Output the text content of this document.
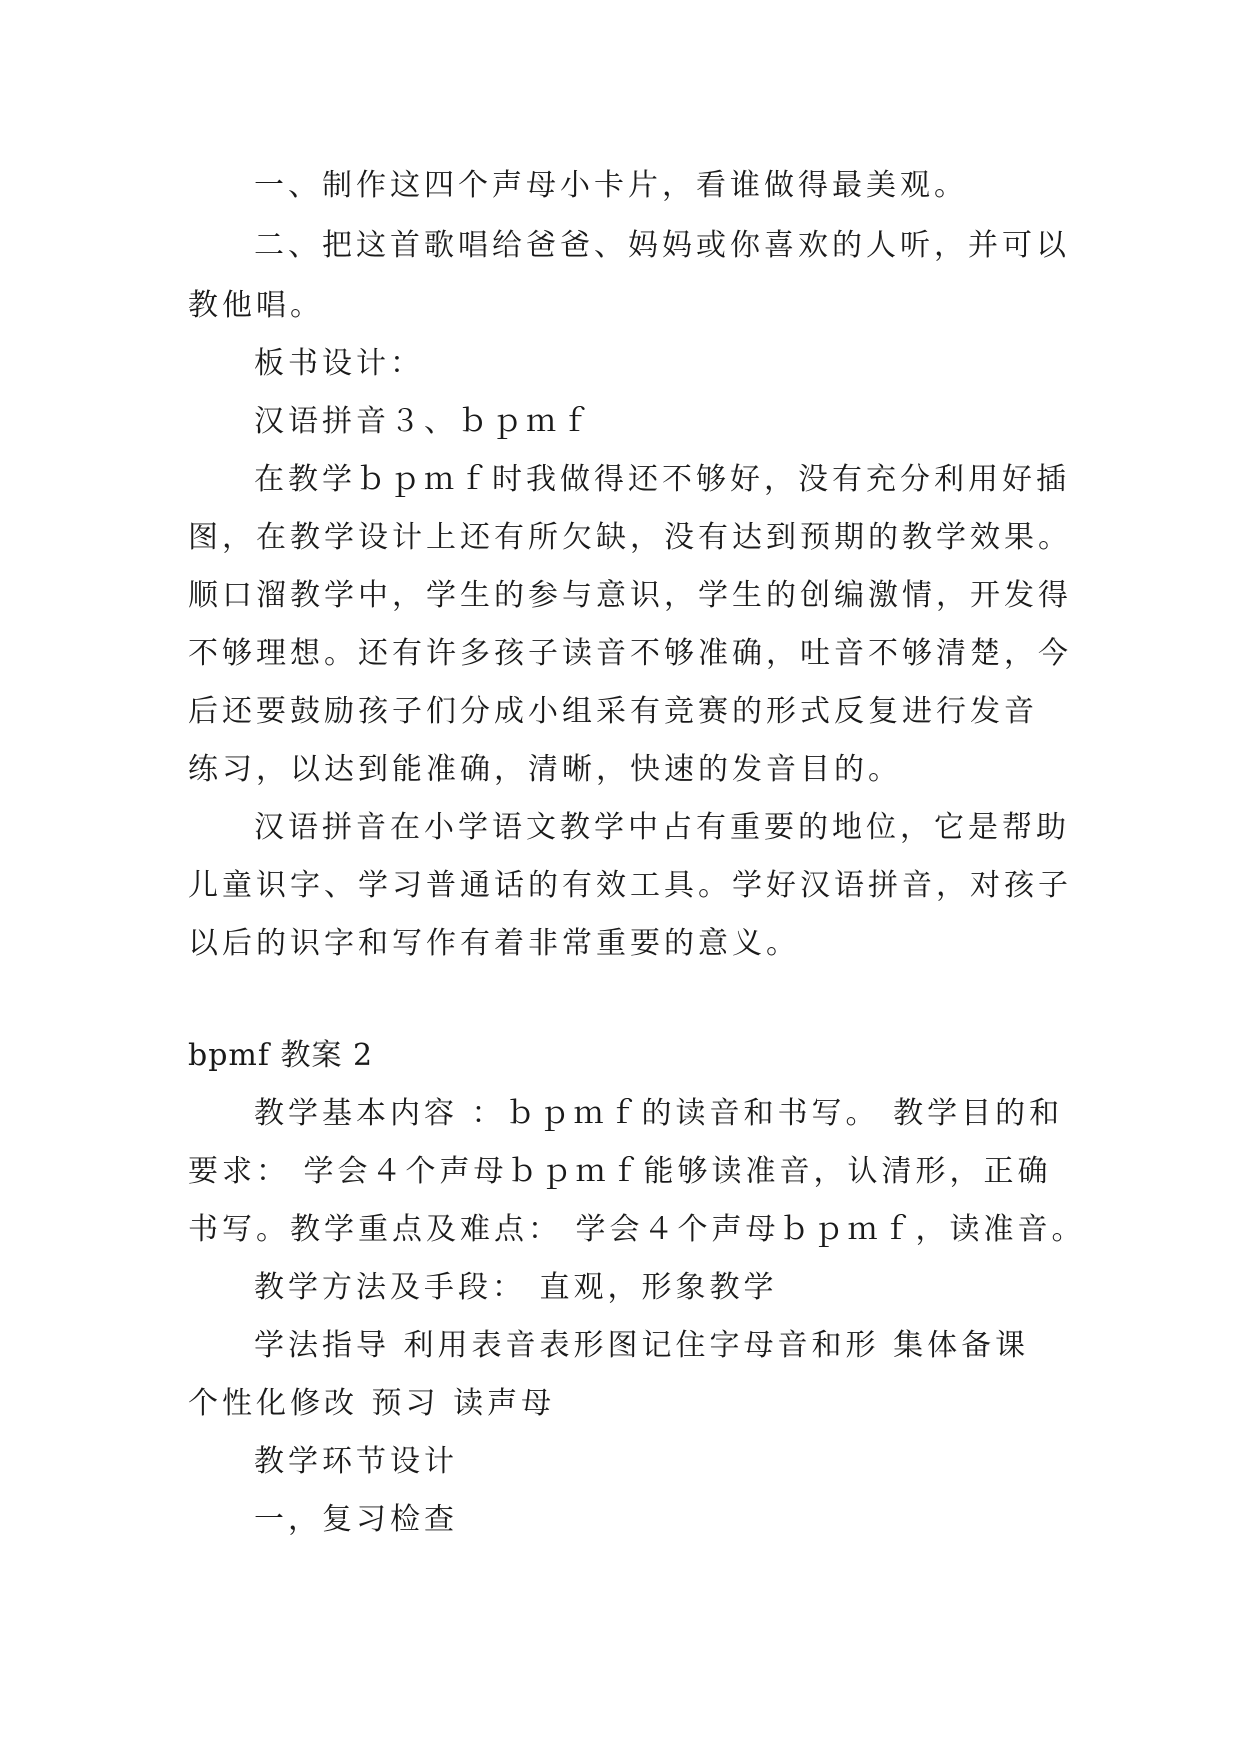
一、制作这四个声母小卡片，看谁做得最美观。
二、把这首歌唱给爸爸、妈妈或你喜欢的人听，并可以
教他唱。
板书设计：
汉语拼音３、ｂｐｍｆ
在教学ｂｐｍｆ时我做得还不够好，没有充分利用好插
图，在教学设计上还有所欠缺，没有达到预期的教学效果。
顺口溜教学中，学生的参与意识，学生的创编激情，开发得
不够理想。还有许多孩子读音不够准确，吐音不够清楚，今
后还要鼓励孩子们分成小组采有竞赛的形式反复进行发音
练习，以达到能准确，清晰，快速的发音目的。
汉语拼音在小学语文教学中占有重要的地位，它是帮助
儿童识字、学习普通话的有效工具。学好汉语拼音，对孩子
以后的识字和写作有着非常重要的意义。
bpmf 教案 2
教学基本内容 ：ｂｐｍｆ的读音和书写。 教学目的和
要求： 学会４个声母ｂｐｍｆ能够读准音，认清形，正确
书写。教学重点及难点： 学会４个声母ｂｐｍｆ，读准音。
教学方法及手段： 直观，形象教学
学法指导 利用表音表形图记住字母音和形 集体备课
个性化修改 预习 读声母
教学环节设计
一，复习检查
